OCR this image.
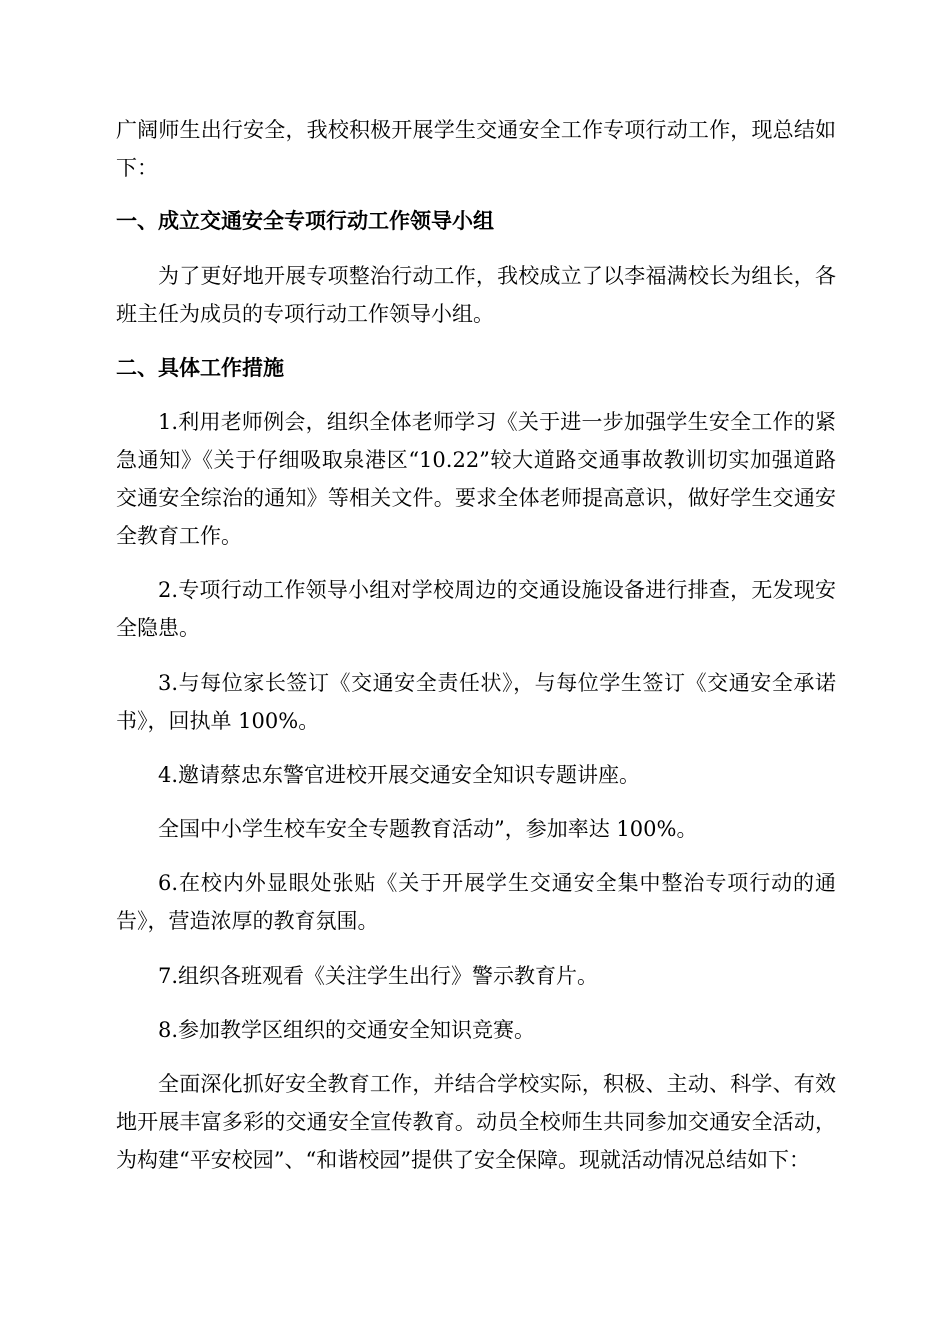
广阔师生出行安全，我校积极开展学生交通安全工作专项行动工作，现总结如下：

一、成立交通安全专项行动工作领导小组

为了更好地开展专项整治行动工作，我校成立了以李福满校长为组长，各班主任为成员的专项行动工作领导小组。

二、具体工作措施

1.利用老师例会，组织全体老师学习《关于进一步加强学生安全工作的紧急通知》《关于仔细吸取泉港区“10.22”较大道路交通事故教训切实加强道路交通安全综治的通知》等相关文件。要求全体老师提高意识，做好学生交通安全教育工作。

2.专项行动工作领导小组对学校周边的交通设施设备进行排查，无发现安全隐患。

3.与每位家长签订《交通安全责任状》，与每位学生签订《交通安全承诺书》，回执单 100%。

4.邀请蔡忠东警官进校开展交通安全知识专题讲座。

全国中小学生校车安全专题教育活动”，参加率达 100%。

6.在校内外显眼处张贴《关于开展学生交通安全集中整治专项行动的通告》，营造浓厚的教育氛围。

7.组织各班观看《关注学生出行》警示教育片。

8.参加教学区组织的交通安全知识竞赛。

全面深化抓好安全教育工作，并结合学校实际，积极、主动、科学、有效地开展丰富多彩的交通安全宣传教育。动员全校师生共同参加交通安全活动，为构建“平安校园”、“和谐校园”提供了安全保障。现就活动情况总结如下：
